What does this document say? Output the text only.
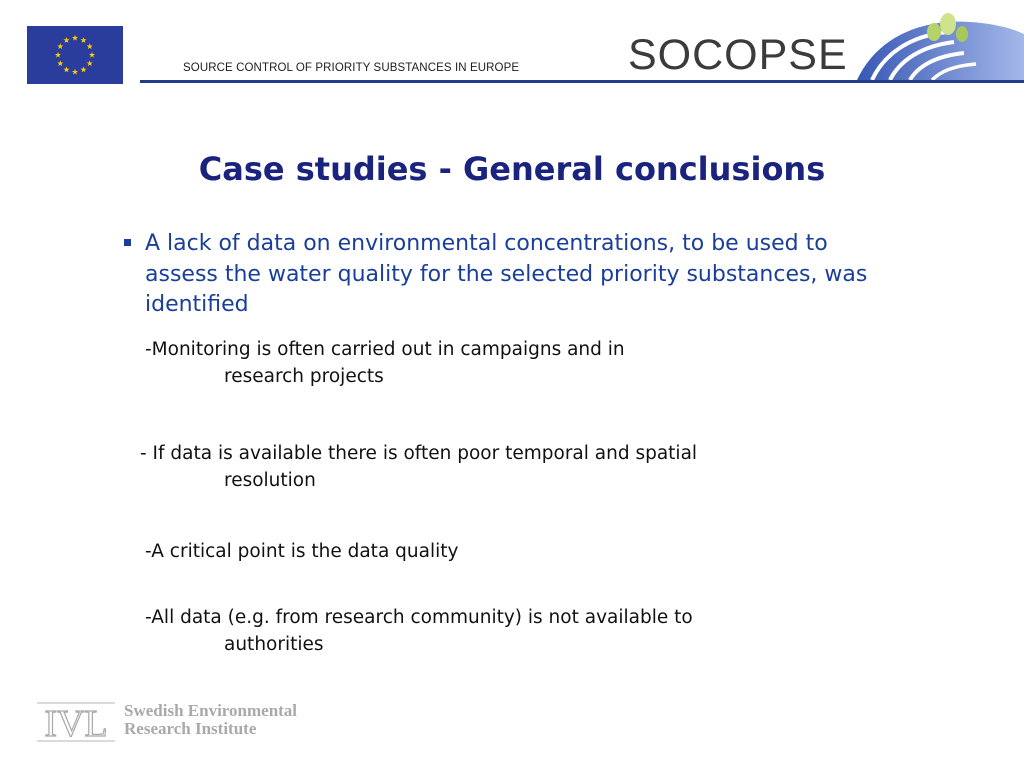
SOURCE CONTROL OF PRIORITY SUBSTANCES IN EUROPE	SOCOPSE
Case studies - General conclusions
A lack of data on environmental concentrations, to be used to assess the water quality for the selected priority substances, was identified
-Monitoring is often carried out in campaigns and in
research projects
- If data is available there is often poor temporal and spatial
resolution
-A critical point is the data quality
-All data (e.g. from research community) is not available to
authorities
IVL Swedish Environmental
Research Institute
